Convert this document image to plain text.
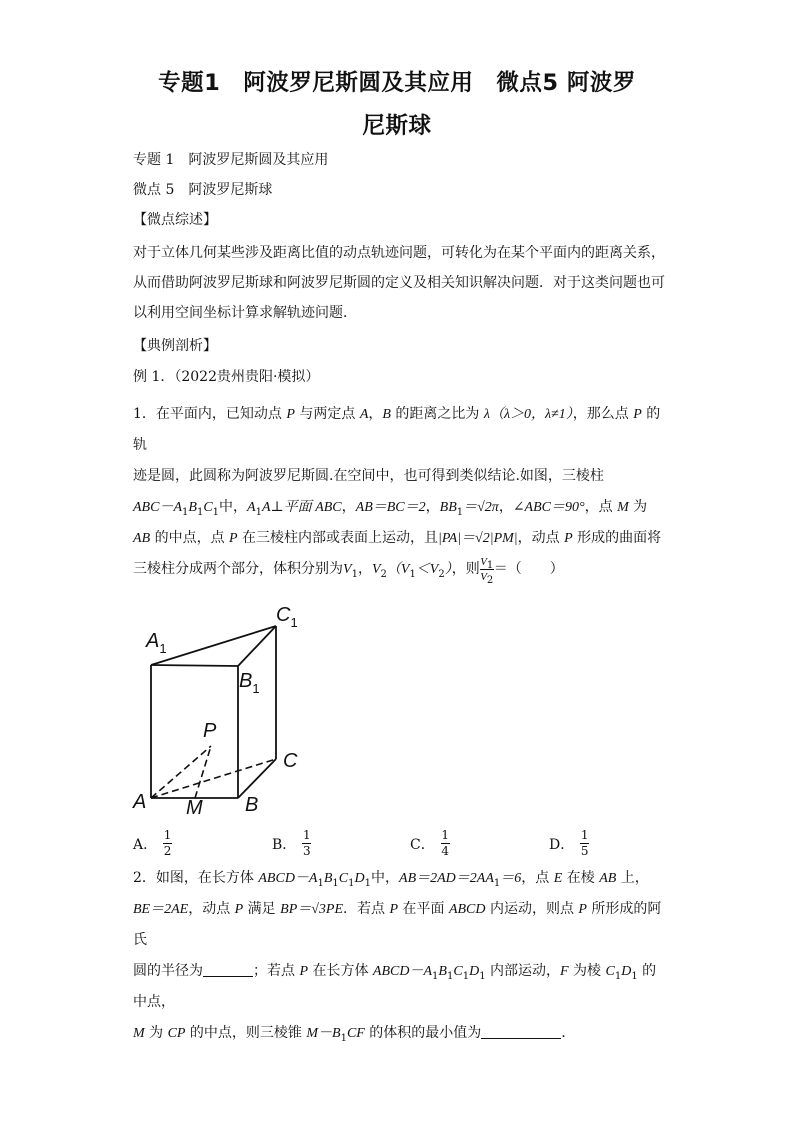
专题1　阿波罗尼斯圆及其应用　微点5 阿波罗
尼斯球
专题 1　阿波罗尼斯圆及其应用
微点 5　阿波罗尼斯球
【微点综述】
对于立体几何某些涉及距离比值的动点轨迹问题，可转化为在某个平面内的距离关系，从而借助阿波罗尼斯球和阿波罗尼斯圆的定义及相关知识解决问题．对于这类问题也可以利用空间坐标计算求解轨迹问题．
【典例剖析】
例 1．（2022贵州贵阳·模拟）
1．在平面内，已知动点 P 与两定点 A，B 的距离之比为 λ（λ＞0，λ≠1），那么点 P 的轨
迹是圆，此圆称为阿波罗尼斯圆.在空间中，也可得到类似结论.如图，三棱柱
$ABC-A_1B_1C_1$中，$A_1A\perp$平面 ABC，AB＝BC＝2，$BB_1=√2\pi$，∠ABC＝90°，点 M 为
AB 的中点，点 P 在三棱柱内部或表面上运动，且|PA|＝√2|PM|，动点 P 形成的曲面将
三棱柱分成两个部分，体积分别为$V_1$，$V_2(V_1<V_2)$，则 $\frac{V_1}{V_2}$ ＝（　　）
$A_1$
$B_1$
$C_1$
P
C
A M B
A． $\frac{1}{2}$	B． $\frac{1}{3}$	C． $\frac{1}{4}$	D． $\frac{1}{5}$
2．如图，在长方体 $ABCD-A_1B_1C_1D_1$中，$AB=2AD=2AA_1=6$，点 E 在棱 AB 上，
BE＝2AE，动点 P 满足 BP＝√3PE．若点 P 在平面 ABCD 内运动，则点 P 所形成的阿氏
圆的半径为	；若点 P 在长方体 $ABCD-A_1B_1C_1D_1$ 内部运动，F 为棱 $C_1D_1$ 的中点，
M 为 CP 的中点，则三棱锥 $M-B_1CF$ 的体积的最小值为	．
